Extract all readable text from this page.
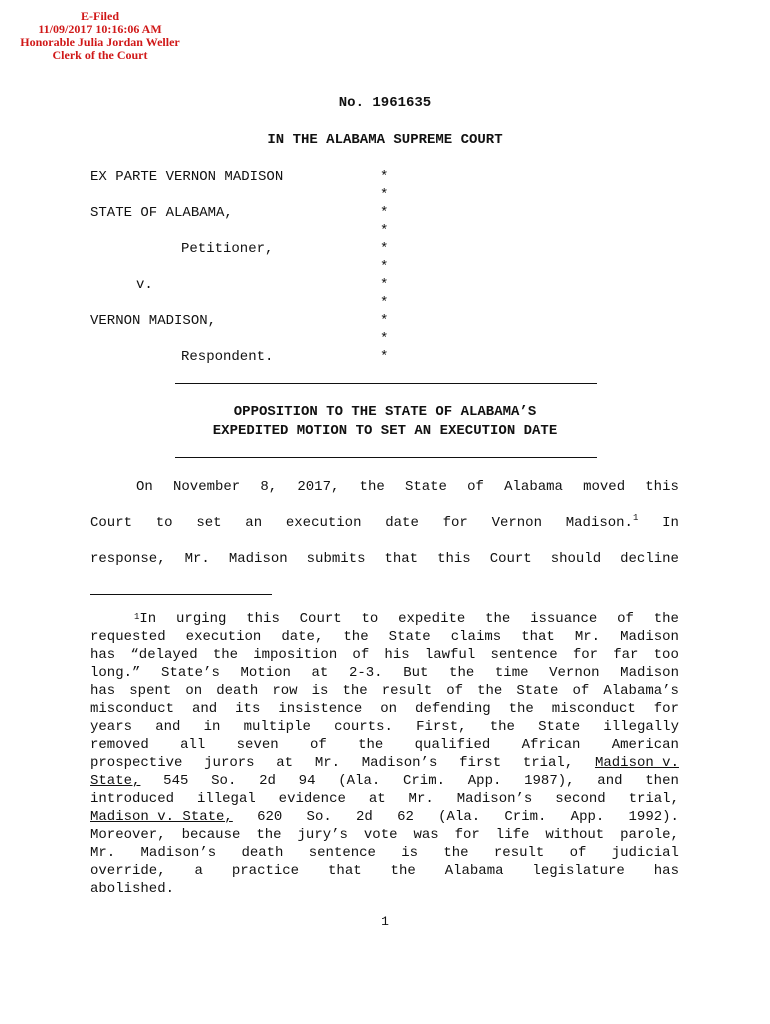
E-Filed
11/09/2017 10:16:06 AM
Honorable Julia Jordan Weller
Clerk of the Court
No. 1961635
IN THE ALABAMA SUPREME COURT
EX PARTE VERNON MADISON
STATE OF ALABAMA,
Petitioner,
v.
VERNON MADISON,
Respondent.
*
*
*
*
*
*
*
*
*
*
*
OPPOSITION TO THE STATE OF ALABAMA’S
EXPEDITED MOTION TO SET AN EXECUTION DATE
On November 8, 2017, the State of Alabama moved this
Court to set an execution date for Vernon Madison.$^1$ In
response, Mr. Madison submits that this Court should decline
$^1$In urging this Court to expedite the issuance of the
requested execution date, the State claims that Mr. Madison
has “delayed the imposition of his lawful sentence for far too
long.” State’s Motion at 2-3. But the time Vernon Madison
has spent on death row is the result of the State of Alabama’s
misconduct and its insistence on defending the misconduct for
years and in multiple courts. First, the State illegally
removed all seven of the qualified African American
prospective jurors at Mr. Madison’s first trial, Madison v.
State, 545 So. 2d 94 (Ala. Crim. App. 1987), and then
introduced illegal evidence at Mr. Madison’s second trial,
Madison v. State, 620 So. 2d 62 (Ala. Crim. App. 1992).
Moreover, because the jury’s vote was for life without parole,
Mr. Madison’s death sentence is the result of judicial
override, a practice that the Alabama legislature has
abolished.
1
